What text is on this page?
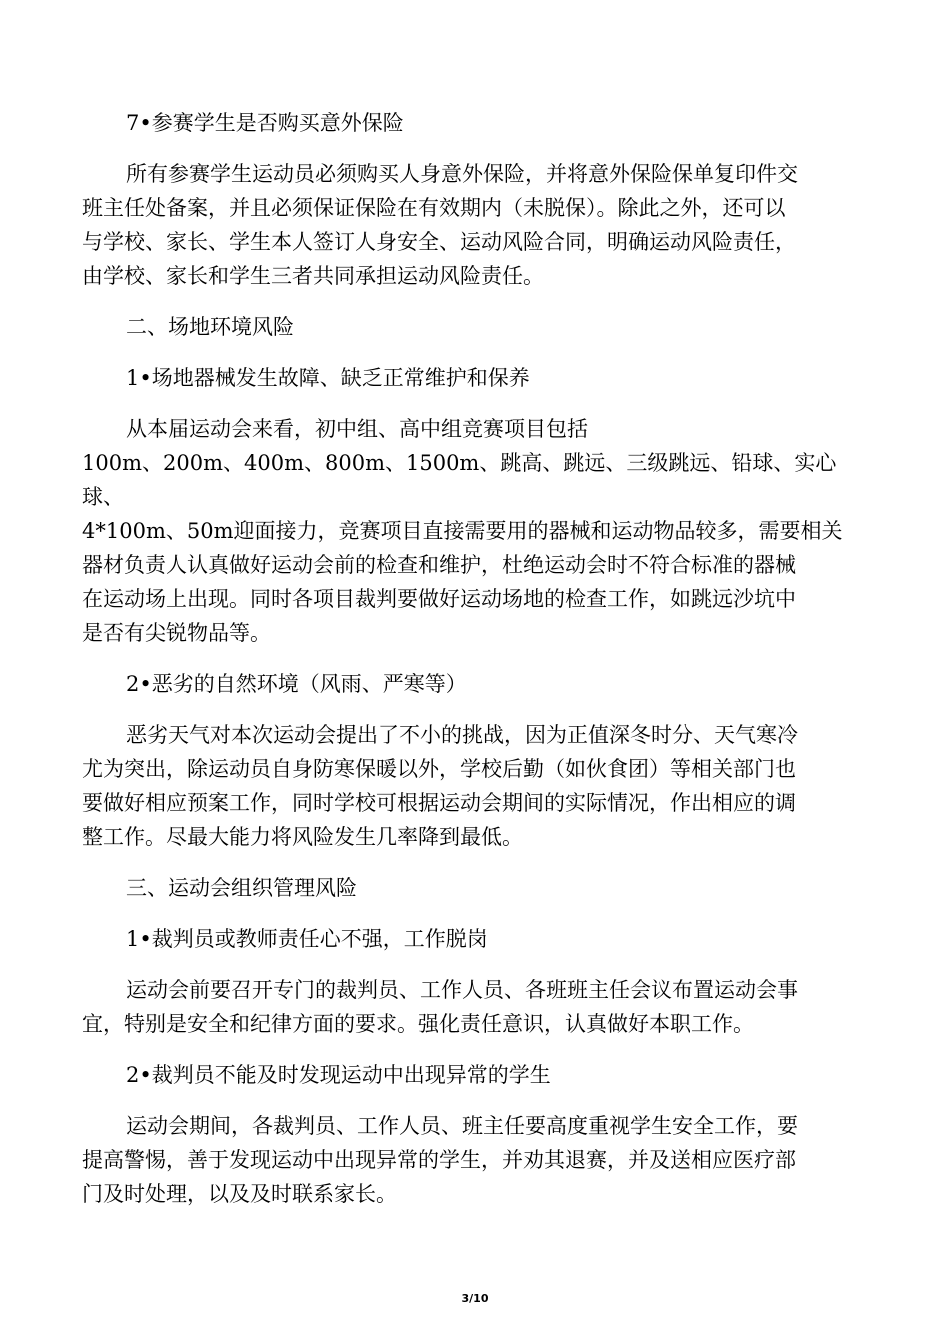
7•参赛学生是否购买意外保险

所有参赛学生运动员必须购买人身意外保险，并将意外保险保单复印件交
班主任处备案，并且必须保证保险在有效期内（未脱保）。除此之外，还可以
与学校、家长、学生本人签订人身安全、运动风险合同，明确运动风险责任，
由学校、家长和学生三者共同承担运动风险责任。

二、场地环境风险

1•场地器械发生故障、缺乏正常维护和保养

从本届运动会来看，初中组、高中组竞赛项目包括
100m、200m、400m、800m、1500m、跳高、跳远、三级跳远、铅球、实心球、
4*100m、50m迎面接力，竞赛项目直接需要用的器械和运动物品较多，需要相关
器材负责人认真做好运动会前的检查和维护，杜绝运动会时不符合标准的器械
在运动场上出现。同时各项目裁判要做好运动场地的检查工作，如跳远沙坑中
是否有尖锐物品等。

2•恶劣的自然环境（风雨、严寒等）

恶劣天气对本次运动会提出了不小的挑战，因为正值深冬时分、天气寒冷
尤为突出，除运动员自身防寒保暖以外，学校后勤（如伙食团）等相关部门也
要做好相应预案工作，同时学校可根据运动会期间的实际情况，作出相应的调
整工作。尽最大能力将风险发生几率降到最低。

三、运动会组织管理风险

1•裁判员或教师责任心不强，工作脱岗

运动会前要召开专门的裁判员、工作人员、各班班主任会议布置运动会事
宜，特别是安全和纪律方面的要求。强化责任意识，认真做好本职工作。

2•裁判员不能及时发现运动中出现异常的学生

运动会期间，各裁判员、工作人员、班主任要高度重视学生安全工作，要
提高警惕，善于发现运动中出现异常的学生，并劝其退赛，并及送相应医疗部
门及时处理，以及及时联系家长。
3/10
